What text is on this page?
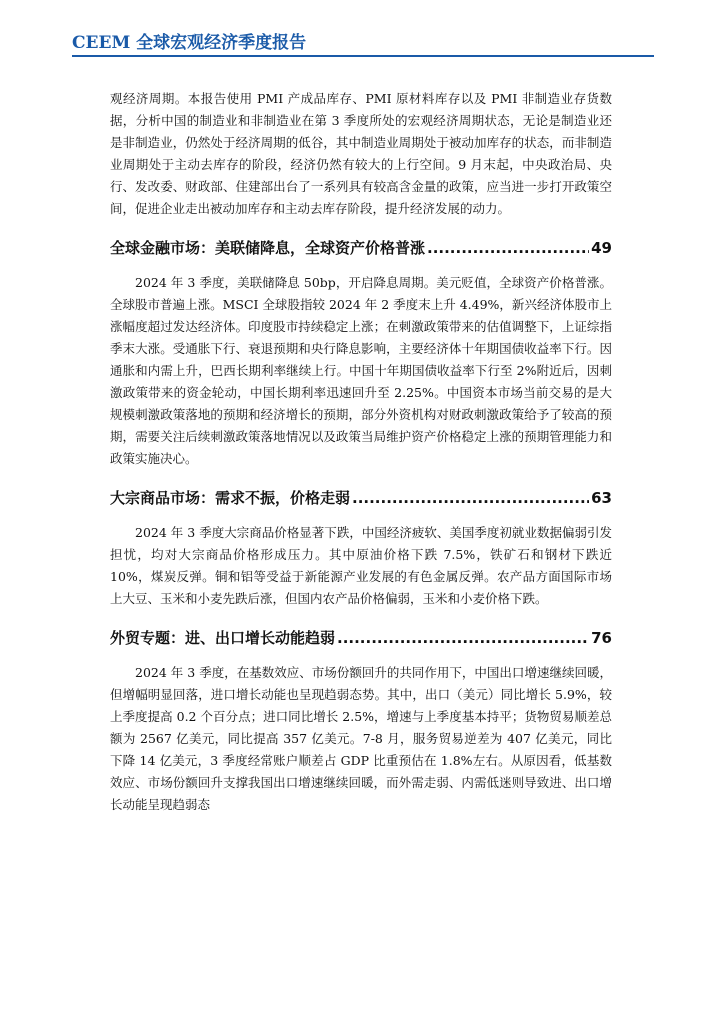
CEEM 全球宏观经济季度报告

观经济周期。本报告使用 PMI 产成品库存、PMI 原材料库存以及 PMI 非制造业存货数据，分析中国的制造业和非制造业在第 3 季度所处的宏观经济周期状态，无论是制造业还是非制造业，仍然处于经济周期的低谷，其中制造业周期处于被动加库存的状态，而非制造业周期处于主动去库存的阶段，经济仍然有较大的上行空间。9 月末起，中央政治局、央行、发改委、财政部、住建部出台了一系列具有较高含金量的政策，应当进一步打开政策空间，促进企业走出被动加库存和主动去库存阶段，提升经济发展的动力。

全球金融市场：美联储降息，全球资产价格普涨 .....	49

2024 年 3 季度，美联储降息 50bp，开启降息周期。美元贬值，全球资产价格普涨。全球股市普遍上涨。MSCI 全球股指较 2024 年 2 季度末上升 4.49%，新兴经济体股市上涨幅度超过发达经济体。印度股市持续稳定上涨；在刺激政策带来的估值调整下，上证综指季末大涨。受通胀下行、衰退预期和央行降息影响，主要经济体十年期国债收益率下行。因通胀和内需上升，巴西长期利率继续上行。中国十年期国债收益率下行至 2%附近后，因刺激政策带来的资金轮动，中国长期利率迅速回升至 2.25%。中国资本市场当前交易的是大规模刺激政策落地的预期和经济增长的预期，部分外资机构对财政刺激政策给予了较高的预期，需要关注后续刺激政策落地情况以及政策当局维护资产价格稳定上涨的预期管理能力和政策实施决心。

大宗商品市场：需求不振，价格走弱 .....	63

2024 年 3 季度大宗商品价格显著下跌，中国经济疲软、美国季度初就业数据偏弱引发担忧，均对大宗商品价格形成压力。其中原油价格下跌 7.5%，铁矿石和钢材下跌近 10%，煤炭反弹。铜和铝等受益于新能源产业发展的有色金属反弹。农产品方面国际市场上大豆、玉米和小麦先跌后涨，但国内农产品价格偏弱，玉米和小麦价格下跌。

外贸专题：进、出口增长动能趋弱 .....	76

2024 年 3 季度，在基数效应、市场份额回升的共同作用下，中国出口增速继续回暖，但增幅明显回落，进口增长动能也呈现趋弱态势。其中，出口（美元）同比增长 5.9%，较上季度提高 0.2 个百分点；进口同比增长 2.5%，增速与上季度基本持平；货物贸易顺差总额为 2567 亿美元，同比提高 357 亿美元。7-8 月，服务贸易逆差为 407 亿美元，同比下降 14 亿美元，3 季度经常账户顺差占 GDP 比重预估在 1.8%左右。从原因看，低基数效应、市场份额回升支撑我国出口增速继续回暖，而外需走弱、内需低迷则导致进、出口增长动能呈现趋弱态
